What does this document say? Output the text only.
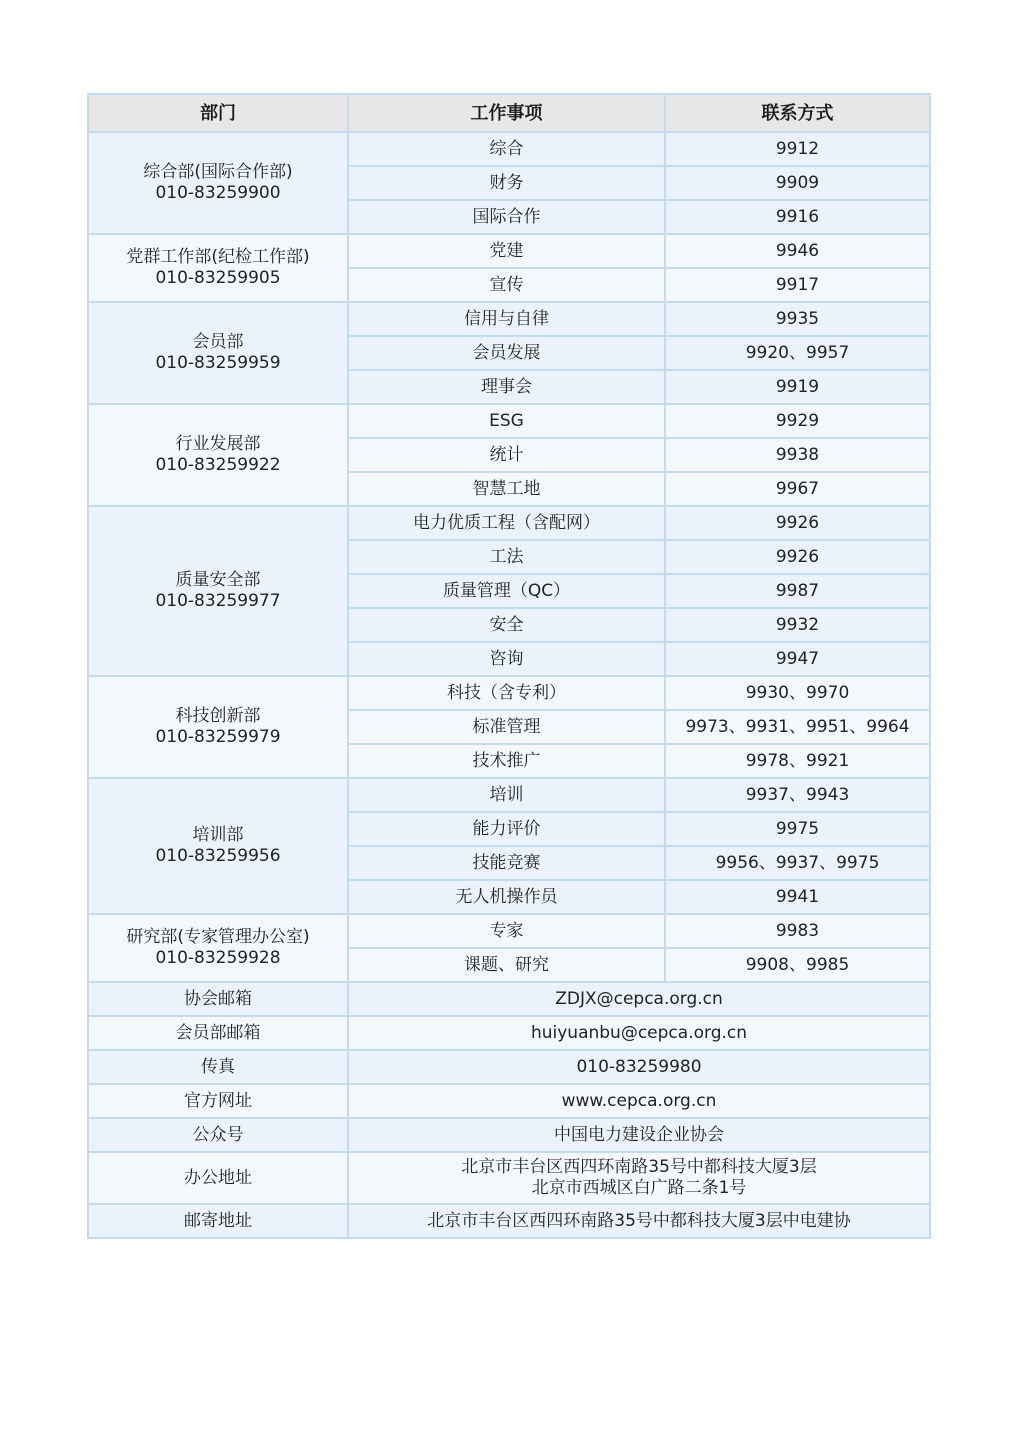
部门	工作事项	联系方式

综合部(国际合作部)
010-83259900	综合	9912
	财务	9909
	国际合作	9916

党群工作部(纪检工作部)
010-83259905	党建	9946
	宣传	9917

会员部
010-83259959	信用与自律	9935
	会员发展	9920、9957
	理事会	9919

行业发展部
010-83259922	ESG	9929
	统计	9938
	智慧工地	9967

质量安全部
010-83259977	电力优质工程（含配网）	9926
	工法	9926
	质量管理（QC）	9987
	安全	9932
	咨询	9947

科技创新部
010-83259979	科技（含专利）	9930、9970
	标准管理	9973、9931、9951、9964
	技术推广	9978、9921

培训部
010-83259956	培训	9937、9943
	能力评价	9975
	技能竞赛	9956、9937、9975
	无人机操作员	9941

研究部(专家管理办公室)
010-83259928	专家	9983
	课题、研究	9908、9985
协会邮箱	ZDJX@cepca.org.cn	
会员部邮箱	huiyuanbu@cepca.org.cn	
传真	010-83259980	
官方网址	www.cepca.org.cn	
公众号	中国电力建设企业协会	
办公地址	北京市丰台区西四环南路35号中都科技大厦3层
北京市西城区白广路二条1号	

邮寄地址	北京市丰台区西四环南路35号中都科技大厦3层中电建协	
